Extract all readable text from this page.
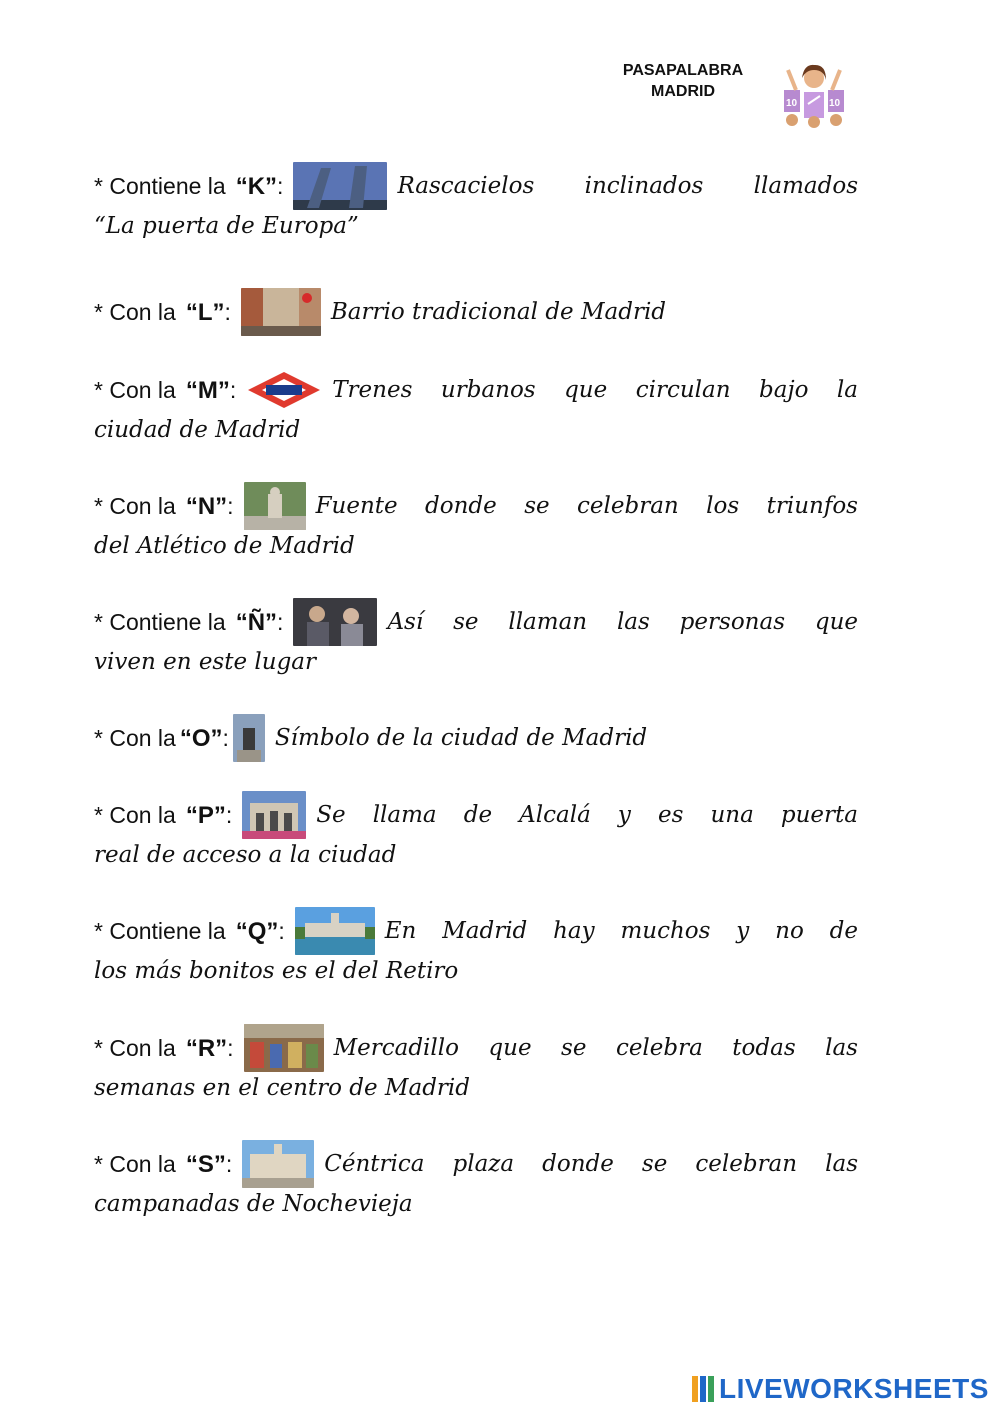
PASAPALABRA
MADRID
10	10
* Contiene la “K”:	Rascacielos inclinados llamados
“La puerta de Europa”
* Con la “L”:	Barrio tradicional de Madrid
* Con la “M”:	Trenes urbanos que circulan bajo la
ciudad de Madrid
* Con la “N”:	Fuente donde se celebran los triunfos
del Atlético de Madrid
* Contiene la “Ñ”:	Así se llaman las personas que
viven en este lugar
* Con la “O”:	Símbolo de la ciudad de Madrid
* Con la “P”:	Se llama de Alcalá y es una puerta
real de acceso a la ciudad
* Contiene la “Q”:	En Madrid hay muchos y no de
los más bonitos es el del Retiro
* Con la “R”:	Mercadillo que se celebra todas las
semanas en el centro de Madrid
* Con la “S”:	Céntrica plaza donde se celebran las
campanadas de Nochevieja
LIVEWORKSHEETS
